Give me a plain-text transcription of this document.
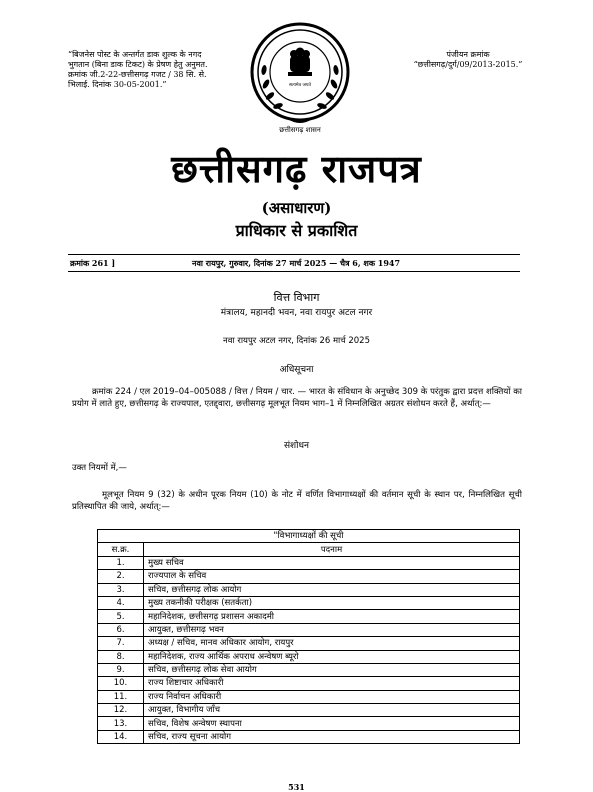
“बिजनेस पोस्ट के अन्तर्गत डाक शुल्क के नगद भुगतान (बिना डाक टिकट) के प्रेषण हेतु अनुमत. क्रमांक जी.2-22-छत्तीसगढ़ गजट / 38 सि. से. भिलाई. दिनांक 30-05-2001.”
पंजीयन क्रमांक
“छत्तीसगढ़/दुर्ग/09/2013-2015.”
छत्तीसगढ़ शासन
सत्यमेव जयते
छत्तीसगढ़ राजपत्र
(असाधारण)
प्राधिकार से प्रकाशित
क्रमांक 261 ]	नवा रायपुर, गुरुवार, दिनांक 27 मार्च 2025 — चैत्र 6, शक 1947
वित्त विभाग
मंत्रालय, महानदी भवन, नवा रायपुर अटल नगर
नवा रायपुर अटल नगर, दिनांक 26 मार्च 2025
अधिसूचना
क्रमांक 224 / एल 2019–04–005088 / वित्त / नियम / चार. — भारत के संविधान के अनुच्छेद 309 के परंतुक द्वारा प्रदत्त शक्तियों का प्रयोग में लाते हुए, छत्तीसगढ़ के राज्यपाल, एतद्द्वारा, छत्तीसगढ़ मूलभूत नियम भाग–1 में निम्नलिखित अग्रतर संशोधन करते हैं, अर्थात्:—
संशोधन
उक्त नियमों में,—
मूलभूत नियम 9 (32) के अधीन पूरक नियम (10) के नोट में वर्णित विभागाध्यक्षों की वर्तमान सूची के स्थान पर, निम्नलिखित सूची प्रतिस्थापित की जाये, अर्थात्:—
"विभागाध्यक्षों की सूची	
स.क्र.	पदनाम
1.	मुख्य सचिव
2.	राज्यपाल के सचिव
3.	सचिव, छत्तीसगढ़ लोक आयोग
4.	मुख्य तकनीकी परीक्षक (सतर्कता)
5.	महानिदेशक, छत्तीसगढ़ प्रशासन अकादमी
6.	आयुक्त, छत्तीसगढ़ भवन
7.	अध्यक्ष / सचिव, मानव अधिकार आयोग, रायपुर
8.	महानिदेशक, राज्य आर्थिक अपराध अन्वेषण ब्यूरो
9.	सचिव, छत्तीसगढ़ लोक सेवा आयोग
10.	राज्य शिष्टाचार अधिकारी
11.	राज्य निर्वाचन अधिकारी
12.	आयुक्त, विभागीय जाँच
13.	सचिव, विशेष अन्वेषण स्थापना
14.	सचिव, राज्य सूचना आयोग
531
